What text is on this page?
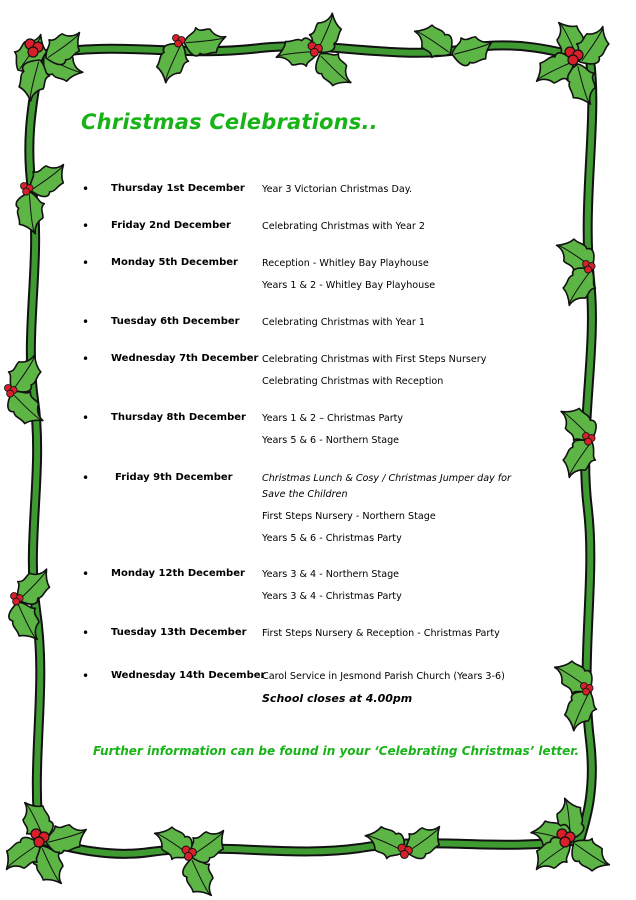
Christmas Celebrations..
• Thursday 1st December Year 3 Victorian Christmas Day.
• Friday 2nd December	Celebrating Christmas with Year 2
• Monday 5th December	Reception - Whitley Bay Playhouse
Years 1 & 2 - Whitley Bay Playhouse
• Tuesday 6th December Celebrating Christmas with Year 1
• Wednesday 7th December Celebrating Christmas with First Steps Nursery
Celebrating Christmas with Reception
• Thursday 8th December Years 1 & 2 – Christmas Party
Years 5 & 6 - Northern Stage
•	Friday 9th December	Christmas Lunch & Cosy / Christmas Jumper day for Save the Children
First Steps Nursery - Northern Stage
Years 5 & 6 - Christmas Party
• Monday 12th December Years 3 & 4 - Northern Stage
Years 3 & 4 - Christmas Party
• Tuesday 13th December First Steps Nursery & Reception - Christmas Party
• Wednesday 14th December
Carol Service in Jesmond Parish Church (Years 3-6)
School closes at 4.00pm
Further information can be found in your ‘Celebrating Christmas’ letter.
